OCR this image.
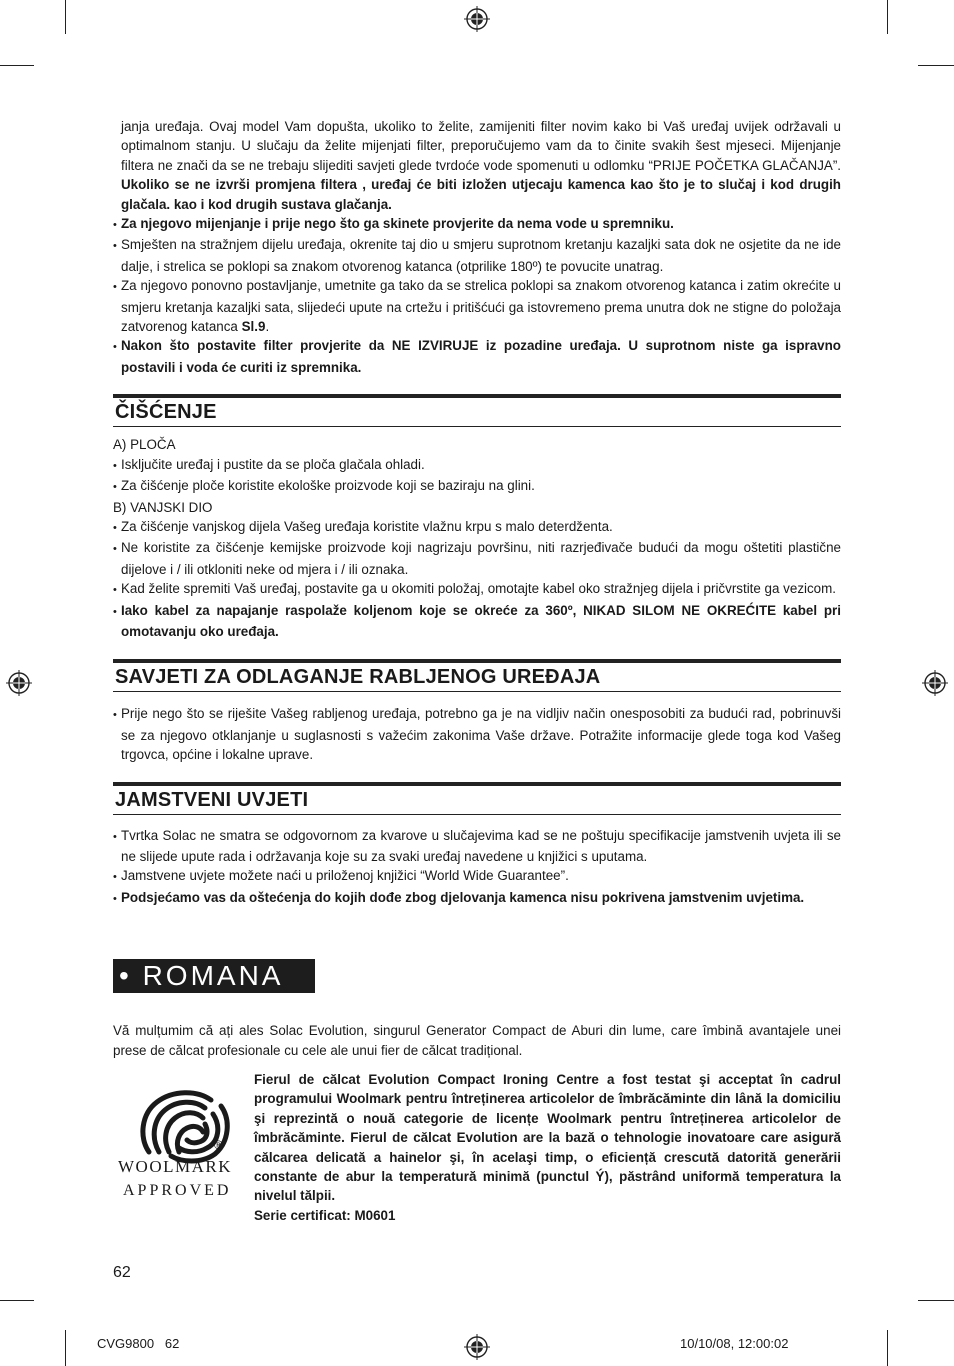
janja uređaja. Ovaj model Vam dopušta, ukoliko to želite, zamijeniti filter novim kako bi Vaš uređaj uvijek održavali u optimalnom stanju. U slučaju da želite mijenjati filter, preporučujemo vam da to činite svakih šest mjeseci. Mijenjanje filtera ne znači da se ne trebaju slijediti savjeti glede tvrdoće vode spomenuti u odlomku “PRIJE POČETKA GLAČANJA”. Ukoliko se ne izvrši promjena filtera , uređaj će biti izložen utjecaju kamenca kao što je to slučaj i kod drugih glačala. kao i kod drugih sustava glačanja.

• Za njegovo mijenjanje i prije nego što ga skinete provjerite da nema vode u spremniku.

• Smješten na stražnjem dijelu uređaja, okrenite taj dio u smjeru suprotnom kretanju kazaljki sata dok ne osjetite da ne ide dalje, i strelica se poklopi sa znakom otvorenog katanca (otprilike 180º) te povucite unatrag.

• Za njegovo ponovno postavljanje, umetnite ga tako da se strelica poklopi sa znakom otvorenog katanca i zatim okrećite u smjeru kretanja kazaljki sata, slijedeći upute na crtežu i pritišćući ga istovremeno prema unutra dok ne stigne do položaja zatvorenog katanca Sl.9.

• Nakon što postavite filter provjerite da NE IZVIRUJE iz pozadine uređaja. U suprotnom niste ga ispravno postavili i voda će curiti iz spremnika.

ČIŠĆENJE

A) PLOČA

• Isključite uređaj i pustite da se ploča glačala ohladi.

• Za čišćenje ploče koristite ekološke proizvode koji se baziraju na glini.

B) VANJSKI DIO

• Za čišćenje vanjskog dijela Vašeg uređaja koristite vlažnu krpu s malo deterdženta.

• Ne koristite za čišćenje kemijske proizvode koji nagrizaju površinu, niti razrjeđivače budući da mogu oštetiti plastične dijelove i / ili otkloniti neke od mjera i / ili oznaka.

• Kad želite spremiti Vaš uređaj, postavite ga u okomiti položaj, omotajte kabel oko stražnjeg dijela i pričvrstite ga vezicom.

• Iako kabel za napajanje raspolaže koljenom koje se okreće za 360º, NIKAD SILOM NE OKREĆITE kabel pri omotavanju oko uređaja.

SAVJETI ZA ODLAGANJE RABLJENOG UREĐAJA

• Prije nego što se riješite Vašeg rabljenog uređaja, potrebno ga je na vidljiv način onesposobiti za budući rad, pobrinuvši se za njegovo otklanjanje u suglasnosti s važećim zakonima Vaše države. Potražite informacije glede toga kod Vašeg trgovca, općine i lokalne uprave.

JAMSTVENI UVJETI

• Tvrtka Solac ne smatra se odgovornom za kvarove u slučajevima kad se ne poštuju specifikacije jamstvenih uvjeta ili se ne slijede upute rada i održavanja koje su za svaki uređaj navedene u knjižici s uputama.

• Jamstvene uvjete možete naći u priloženoj knjižici “World Wide Guarantee”.

• Podsjećamo vas da oštećenja do kojih dođe zbog djelovanja kamenca nisu pokrivena jamstvenim uvjetima.

• ROMANA

Vă mulțumim că ați ales Solac Evolution, singurul Generator Compact de Aburi din lume, care îmbină avantajele unei prese de călcat profesionale cu cele ale unui fier de călcat tradițional.

®
WOOLMARK
APPROVED

Fierul de călcat Evolution Compact Ironing Centre a fost testat şi acceptat în cadrul programului Woolmark pentru întreținerea articolelor de îmbrăcăminte din lână la domiciliu şi reprezintă o nouă categorie de licențe Woolmark pentru întreținerea articolelor de îmbrăcăminte. Fierul de călcat Evolution are la bază o tehnologie inovatoare care asigură călcarea delicată a hainelor şi, în acelaşi timp, o eficiență crescută datorită generării constante de abur la temperatură minimă (punctul Ý), păstrând uniformă temperatura la nivelul tălpii.

Serie certificat: M0601

62
CVG9800   62	10/10/08, 12:00:02
